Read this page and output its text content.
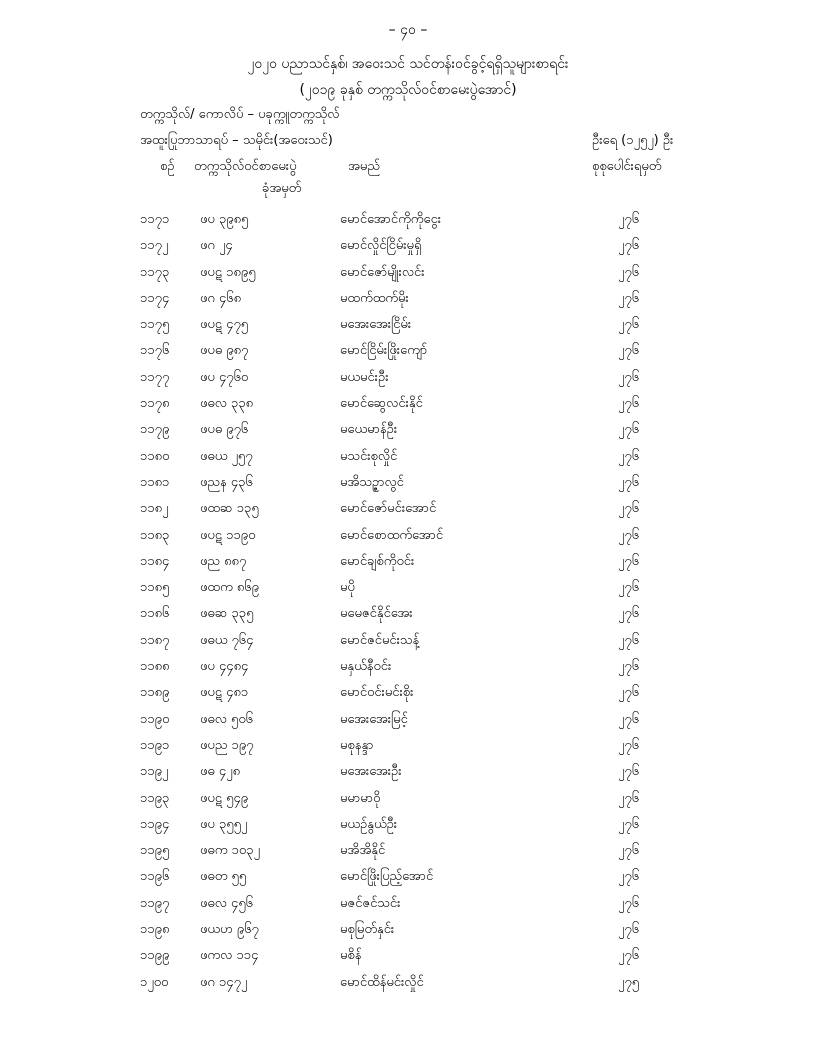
– ၄၀ –
၂၀၂၀ ပညာသင်နှစ်၊ အဝေးသင် သင်တန်းဝင်ခွင့်ရရှိသူများစာရင်း
(၂၀၁၉ ခုနှစ် တက္ကသိုလ်ဝင်စာမေးပွဲအောင်)
တက္ကသိုလ်/ ကောလိပ် – ပခုက္ကူတက္ကသိုလ်
အထူးပြုဘာသာရပ် – သမိုင်း(အဝေးသင်)	ဦးရေ (၁၂၅၂) ဦး
စဉ် တက္ကသိုလ်ဝင်စာမေးပွဲ
ခုံအမှတ်
အမည်	စုစုပေါင်းရမှတ်
၁၁၇၁	ဖပ ၃၉၈၅	မောင်အောင်ကိုကိုငွေး	၂၇၆
၁၁၇၂	ဖဂ ၂၄	မောင်လှိုင်ငြိမ်းမှုရှိ	၂၇၆
၁၁၇၃	ဖပဋ ၁၈၉၅	မောင်ဇော်မျိုးလင်း	၂၇၆
၁၁၇၄	ဖဂ ၄၆၈	မထက်ထက်မိုး	၂၇၆
၁၁၇၅	ဖပဋ ၄၇၅	မအေးအေးငြိမ်း	၂၇၆
၁၁၇၆	ဖပဓ ၉၈၇	မောင်ငြိမ်းဖြိုးကျော်	၂၇၆
၁၁၇၇	ဖပ ၄၇၆၀	မယမင်းဦး	၂၇၆
၁၁၇၈	ဖဓလ ၃၃၈	မောင်ဆွေလင်းနိုင်	၂၇၆
၁၁၇၉	ဖပဓ ၉၇၆	မယေမာန်ဦး	၂၇၆
၁၁၈၀	ဖဓယ ၂၅၇	မသင်းစုလှိုင်	၂၇၆
၁၁၈၁	ဖညန ၄၃၆	မအိသဉ္ဇာလွင်	၂၇၆
၁၁၈၂	ဖထဆ ၁၃၅	မောင်ဇော်မင်းအောင်	၂၇၆
၁၁၈၃	ဖပဋ ၁၁၉၀	မောင်စောထက်အောင်	၂၇၆
၁၁၈၄	ဖည ၈၈၇	မောင်ချစ်ကိုဝင်း	၂၇၆
၁၁၈၅	ဖထက ၈၆၉	မပို	၂၇၆
၁၁၈၆	ဖဓဆ ၃၃၅	မမေဇင်နိုင်အေး	၂၇၆
၁၁၈၇	ဖဓယ ၇၆၄	မောင်ဇင်မင်းသန့်	၂၇၆
၁၁၈၈	ဖပ ၄၄၈၄	မနှယ်နီဝင်း	၂၇၆
၁၁၈၉	ဖပဋ ၄၈၁	မောင်ဝင်းမင်းစိုး	၂၇၆
၁၁၉၀	ဖဓလ ၅၀၆	မအေးအေးမြင့်	၂၇၆
၁၁၉၁	ဖပည ၁၉၇	မစုနန္ဒာ	၂၇၆
၁၁၉၂	ဖဓ ၄၂၈	မအေးအေးဦး	၂၇၆
၁၁၉၃	ဖပဋ ၅၄၉	မမာမာဝို	၂၇၆
၁၁၉၄	ဖပ ၃၅၅၂	မယဉ်နွယ်ဦး	၂၇၆
၁၁၉၅	ဖဓက ၁၀၃၂	မအိအိနိုင်	၂၇၆
၁၁၉၆	ဖဓတ ၅၅	မောင်ဖြိုးပြည့်အောင်	၂၇၆
၁၁၉၇	ဖဓလ ၄၅၆	မဇင်ဇင်သင်း	၂၇၆
၁၁၉၈	ဖယဟ ၉၆၇	မစုမြတ်နှင်း	၂၇၆
၁၁၉၉	ဖကလ ၁၁၄	မစိန်	၂၇၆
၁၂၀၀	ဖဂ ၁၄၇၂	မောင်ထိန်မင်းလှိုင်	၂၇၅
